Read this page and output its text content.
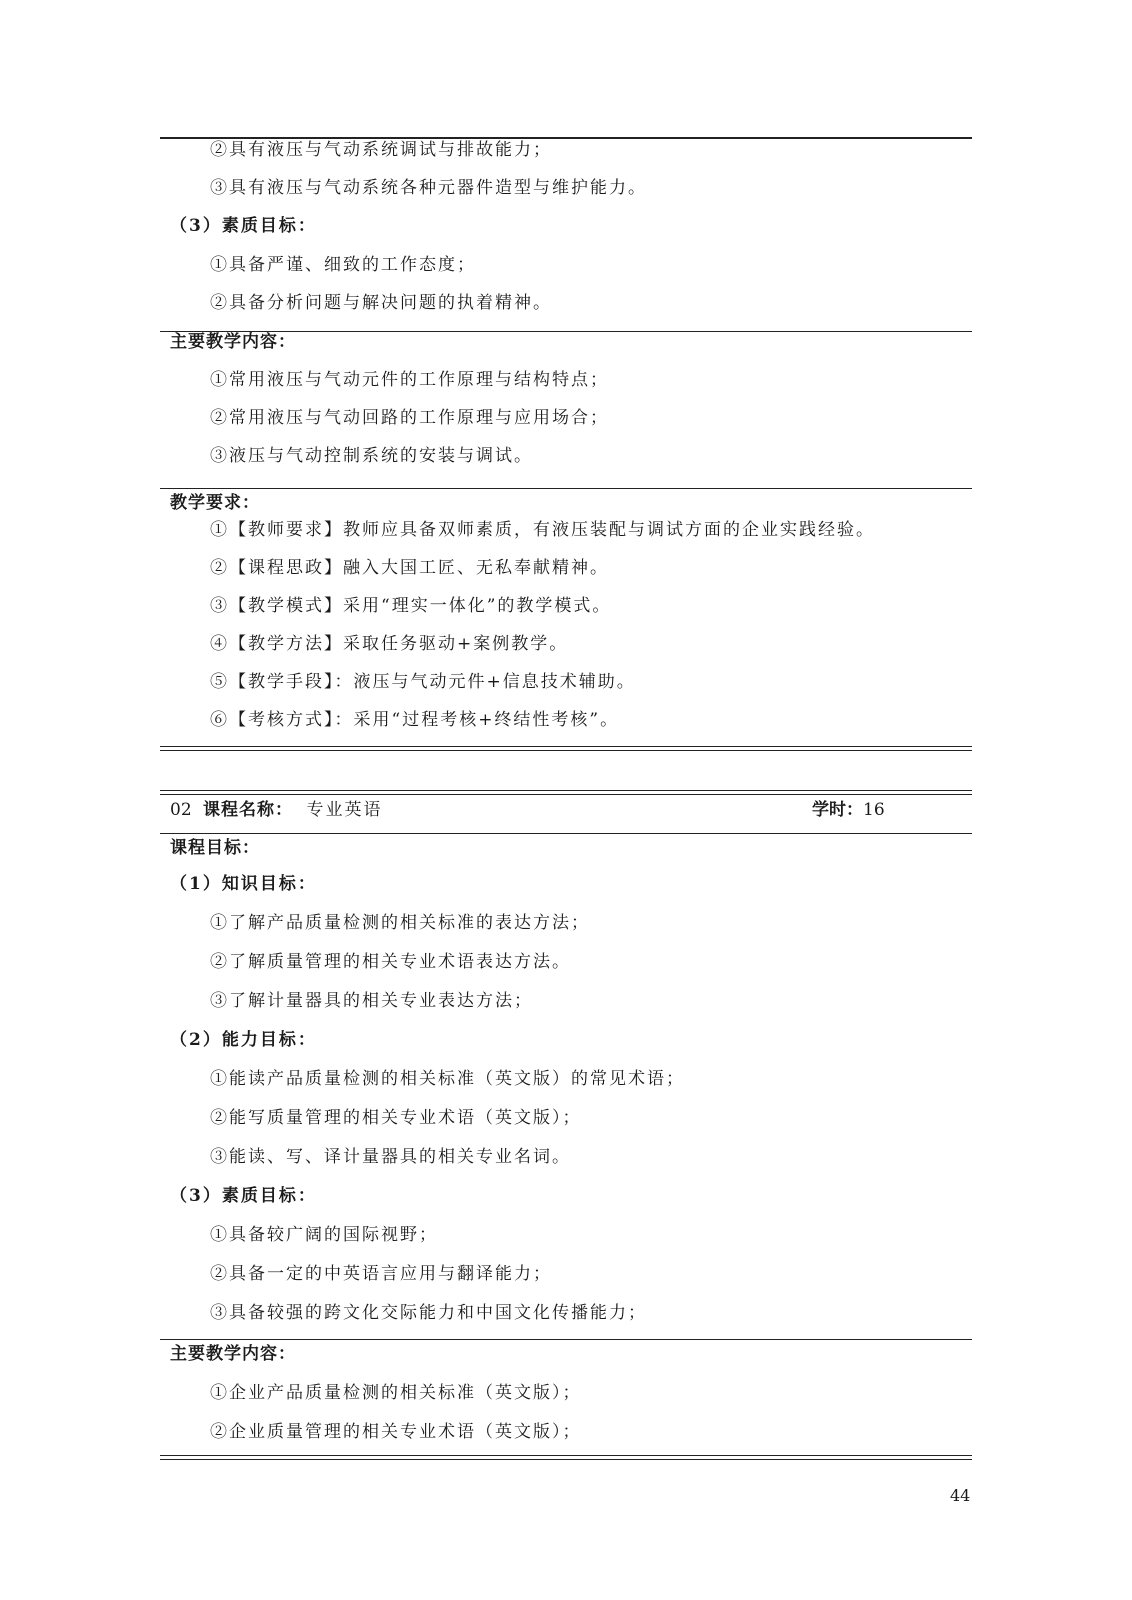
②具有液压与气动系统调试与排故能力；
③具有液压与气动系统各种元器件造型与维护能力。
（3）素质目标：
①具备严谨、细致的工作态度；
②具备分析问题与解决问题的执着精神。
主要教学内容：
①常用液压与气动元件的工作原理与结构特点；
②常用液压与气动回路的工作原理与应用场合；
③液压与气动控制系统的安装与调试。
教学要求：
①【教师要求】教师应具备双师素质，有液压装配与调试方面的企业实践经验。
②【课程思政】融入大国工匠、无私奉献精神。
③【教学模式】采用“理实一体化”的教学模式。
④【教学方法】采取任务驱动+案例教学。
⑤【教学手段】：液压与气动元件+信息技术辅助。
⑥【考核方式】：采用“过程考核+终结性考核”。
02 课程名称： 专业英语	学时：16
课程目标：
（1）知识目标：
①了解产品质量检测的相关标准的表达方法；
②了解质量管理的相关专业术语表达方法。
③了解计量器具的相关专业表达方法；
（2）能力目标：
①能读产品质量检测的相关标准（英文版）的常见术语；
②能写质量管理的相关专业术语（英文版）；
③能读、写、译计量器具的相关专业名词。
（3）素质目标：
①具备较广阔的国际视野；
②具备一定的中英语言应用与翻译能力；
③具备较强的跨文化交际能力和中国文化传播能力；
主要教学内容：
①企业产品质量检测的相关标准（英文版）；
②企业质量管理的相关专业术语（英文版）；
44
